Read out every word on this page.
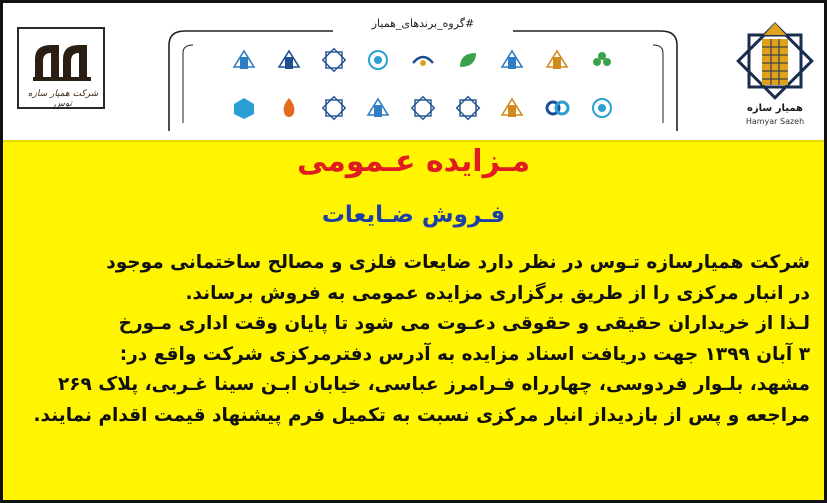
شرکت همیار سازه توس
#گروه_برندهای_همیار
همیار سازه
Hamyar Sazeh
مـزایده عـمومی
فـروش ضـایعات
شرکت همیارسازه تـوس در نظر دارد ضایعات فلزی و مصالح ساختمانی موجود
در انبار مرکزی را از طریق برگزاری مزایده عمومی به فروش برساند.
لـذا از خریداران حقیقی و حقوقی دعـوت می شود تا پایان وقت اداری مـورخ
۳ آبان ۱۳۹۹ جهت دریافت اسناد مزایده به آدرس دفترمرکزی شرکت واقع در:
مشهد، بلـوار فردوسی، چهارراه فـرامرز عباسی، خیابان ابـن سینا غـربی، پلاک ۲۶۹
مراجعه و پس از بازدیداز انبار مرکزی نسبت به تکمیل فرم پیشنهاد قیمت اقدام نمایند.
